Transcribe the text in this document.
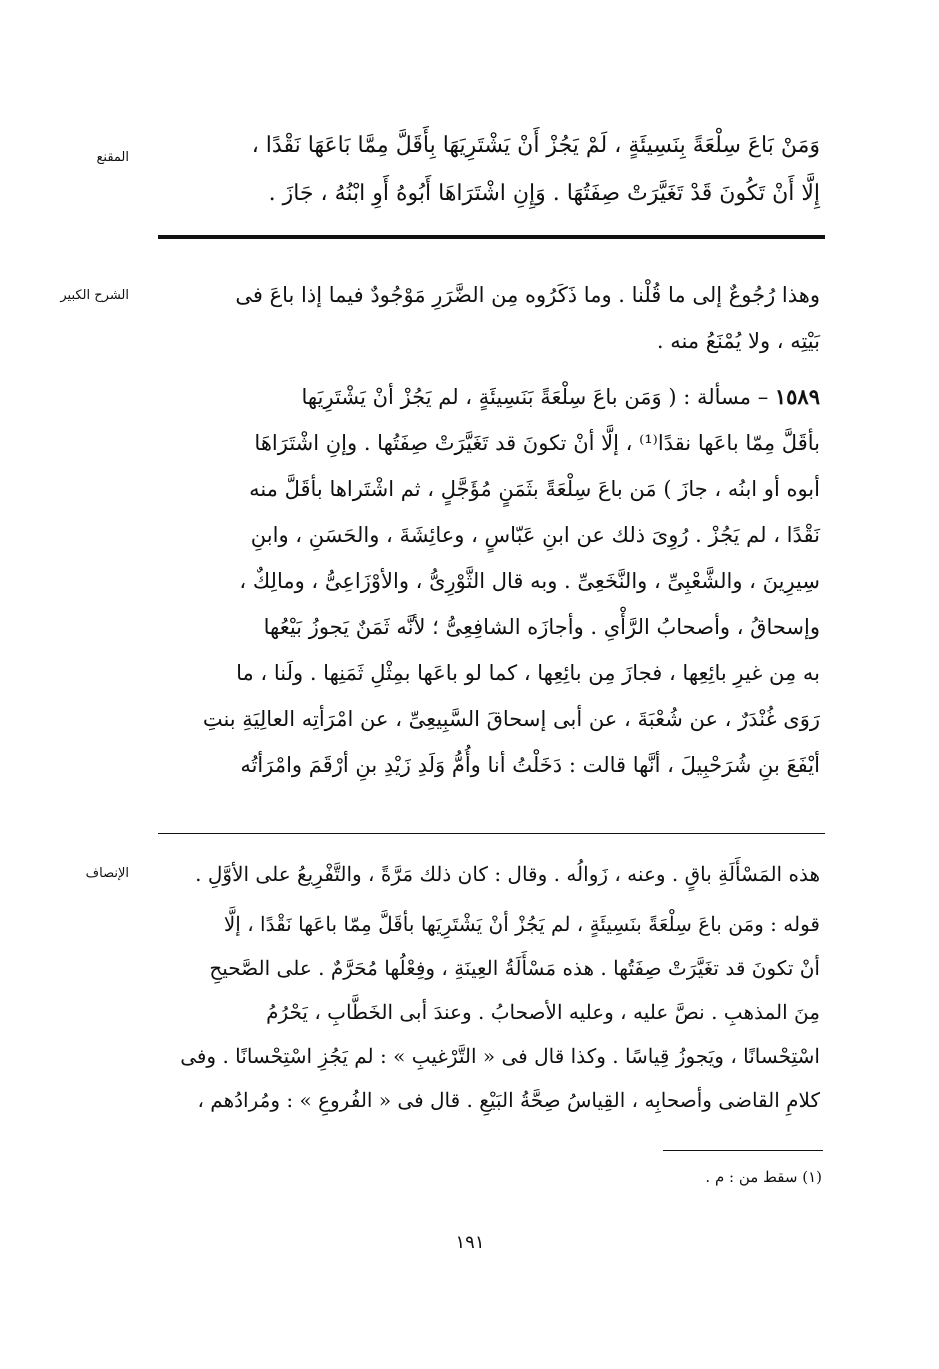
المقنع	وَمَنْ بَاعَ سِلْعَةً بِنَسِيئَةٍ ، لَمْ يَجُزْ أَنْ يَشْتَرِيَهَا بِأَقَلَّ مِمَّا بَاعَهَا نَقْدًا ،
إِلَّا أَنْ تَكُونَ قَدْ تَغَيَّرَتْ صِفَتُهَا . وَإِنِ اشْتَرَاهَا أَبُوهُ أَوِ ابْنُهُ ، جَازَ .
الشرح الكبير	وهذا رُجُوعٌ إلى ما قُلْنا . وما ذَكَرُوه مِن الضَّرَرِ مَوْجُودٌ فيما إذا باعَ فى
بَيْتِه ، ولا يُمْنَعُ منه .
١٥٨٩ – مسألة : ( وَمَن باعَ سِلْعَةً بَنَسِيئَةٍ ، لم يَجُزْ أنْ يَشْتَرِيَها
بأقَلَّ مِمّا باعَها نقدًا⁽¹⁾ ، إلَّا أنْ تكونَ قد تَغَيَّرَتْ صِفَتُها . وإنِ اشْتَرَاهَا
أبوه أو ابنُه ، جازَ ) مَن باعَ سِلْعَةً بثَمَنٍ مُؤَجَّلٍ ، ثم اشْتَراها بأقَلَّ منه
نَقْدًا ، لم يَجُزْ . رُوِىَ ذلك عن ابنِ عَبّاسٍ ، وعائِشَةَ ، والحَسَنِ ، وابنِ
سِيرِينَ ، والشَّعْبِىِّ ، والنَّخَعِىِّ . وبه قال الثَّوْرِىُّ ، والأوْزَاعِىُّ ، ومالِكٌ ،
وإسحاقُ ، وأصحابُ الرَّأْىِ . وأجازَه الشافِعِىُّ ؛ لأنَّه ثَمَنٌ يَجوزُ بَيْعُها
به مِن غيرِ بائِعِها ، فجازَ مِن بائِعِها ، كما لو باعَها بمِثْلِ ثَمَنِها . ولَنا ، ما
رَوَى غُنْدَرٌ ، عن شُعْبَةَ ، عن أبى إسحاقَ السَّبِيعِىِّ ، عن امْرَأتِه العالِيَةِ بنتِ
أيْفَعَ بنِ شُرَحْبِيلَ ، أنَّها قالت : دَخَلْتُ أنا وأُمُّ وَلَدِ زَيْدِ بنِ أرْقَمَ وامْرَأتُه
الإنصاف	هذه المَسْأَلَةِ باقٍ . وعنه ، زَوالُه . وقال : كان ذلك مَرَّةً ، والتَّفْرِيعُ على الأوَّلِ .
قوله : ومَن باعَ سِلْعَةً بنَسِيئَةٍ ، لم يَجُزْ أنْ يَشْتَرِيَها بأقَلَّ مِمّا باعَها نَقْدًا ، إلَّا
أنْ تكونَ قد تغَيَّرَتْ صِفَتُها . هذه مَسْأَلَةُ العِينَةِ ، وفِعْلُها مُحَرَّمٌ . على الصَّحيحِ
مِنَ المذهبِ . نصَّ عليه ، وعليه الأصحابُ . وعندَ أبى الخَطَّابِ ، يَحْرُمُ
اسْتِحْسانًا ، ويَجوزُ قِياسًا . وكذا قال فى « التَّرْغيبِ » : لم يَجُزِ اسْتِحْسانًا . وفى
كلامِ القاضى وأصحابِه ، القِياسُ صِحَّةُ البَيْعِ . قال فى « الفُروعِ » : ومُرادُهم ،
(١) سقط من : م .
١٩١
